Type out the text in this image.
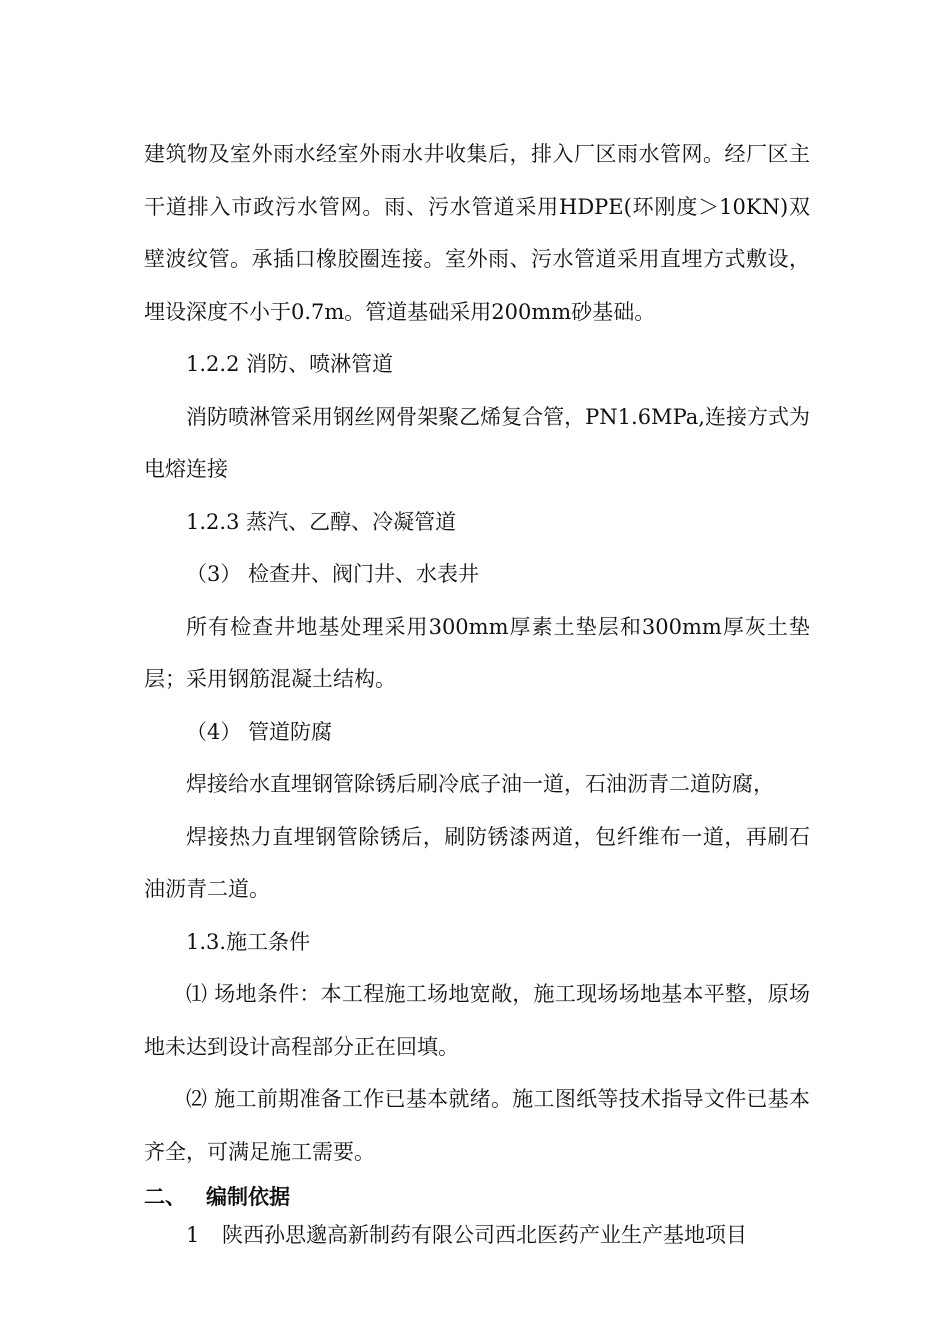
建筑物及室外雨水经室外雨水井收集后，排入厂区雨水管网。经厂区主干道排入市政污水管网。雨、污水管道采用HDPE(环刚度＞10KN)双壁波纹管。承插口橡胶圈连接。室外雨、污水管道采用直埋方式敷设，埋设深度不小于0.7m。管道基础采用200mm砂基础。

1.2.2 消防、喷淋管道

消防喷淋管采用钢丝网骨架聚乙烯复合管，PN1.6MPa,连接方式为电熔连接

1.2.3 蒸汽、乙醇、冷凝管道

（3） 检查井、阀门井、水表井

所有检查井地基处理采用300mm厚素土垫层和300mm厚灰土垫层；采用钢筋混凝土结构。

（4） 管道防腐

焊接给水直埋钢管除锈后刷冷底子油一道，石油沥青二道防腐，

焊接热力直埋钢管除锈后，刷防锈漆两道，包纤维布一道，再刷石油沥青二道。

1.3.施工条件

⑴ 场地条件：本工程施工场地宽敞，施工现场场地基本平整，原场地未达到设计高程部分正在回填。

⑵ 施工前期准备工作已基本就绪。施工图纸等技术指导文件已基本齐全，可满足施工需要。

二、 编制依据

1 陕西孙思邈高新制药有限公司西北医药产业生产基地项目
